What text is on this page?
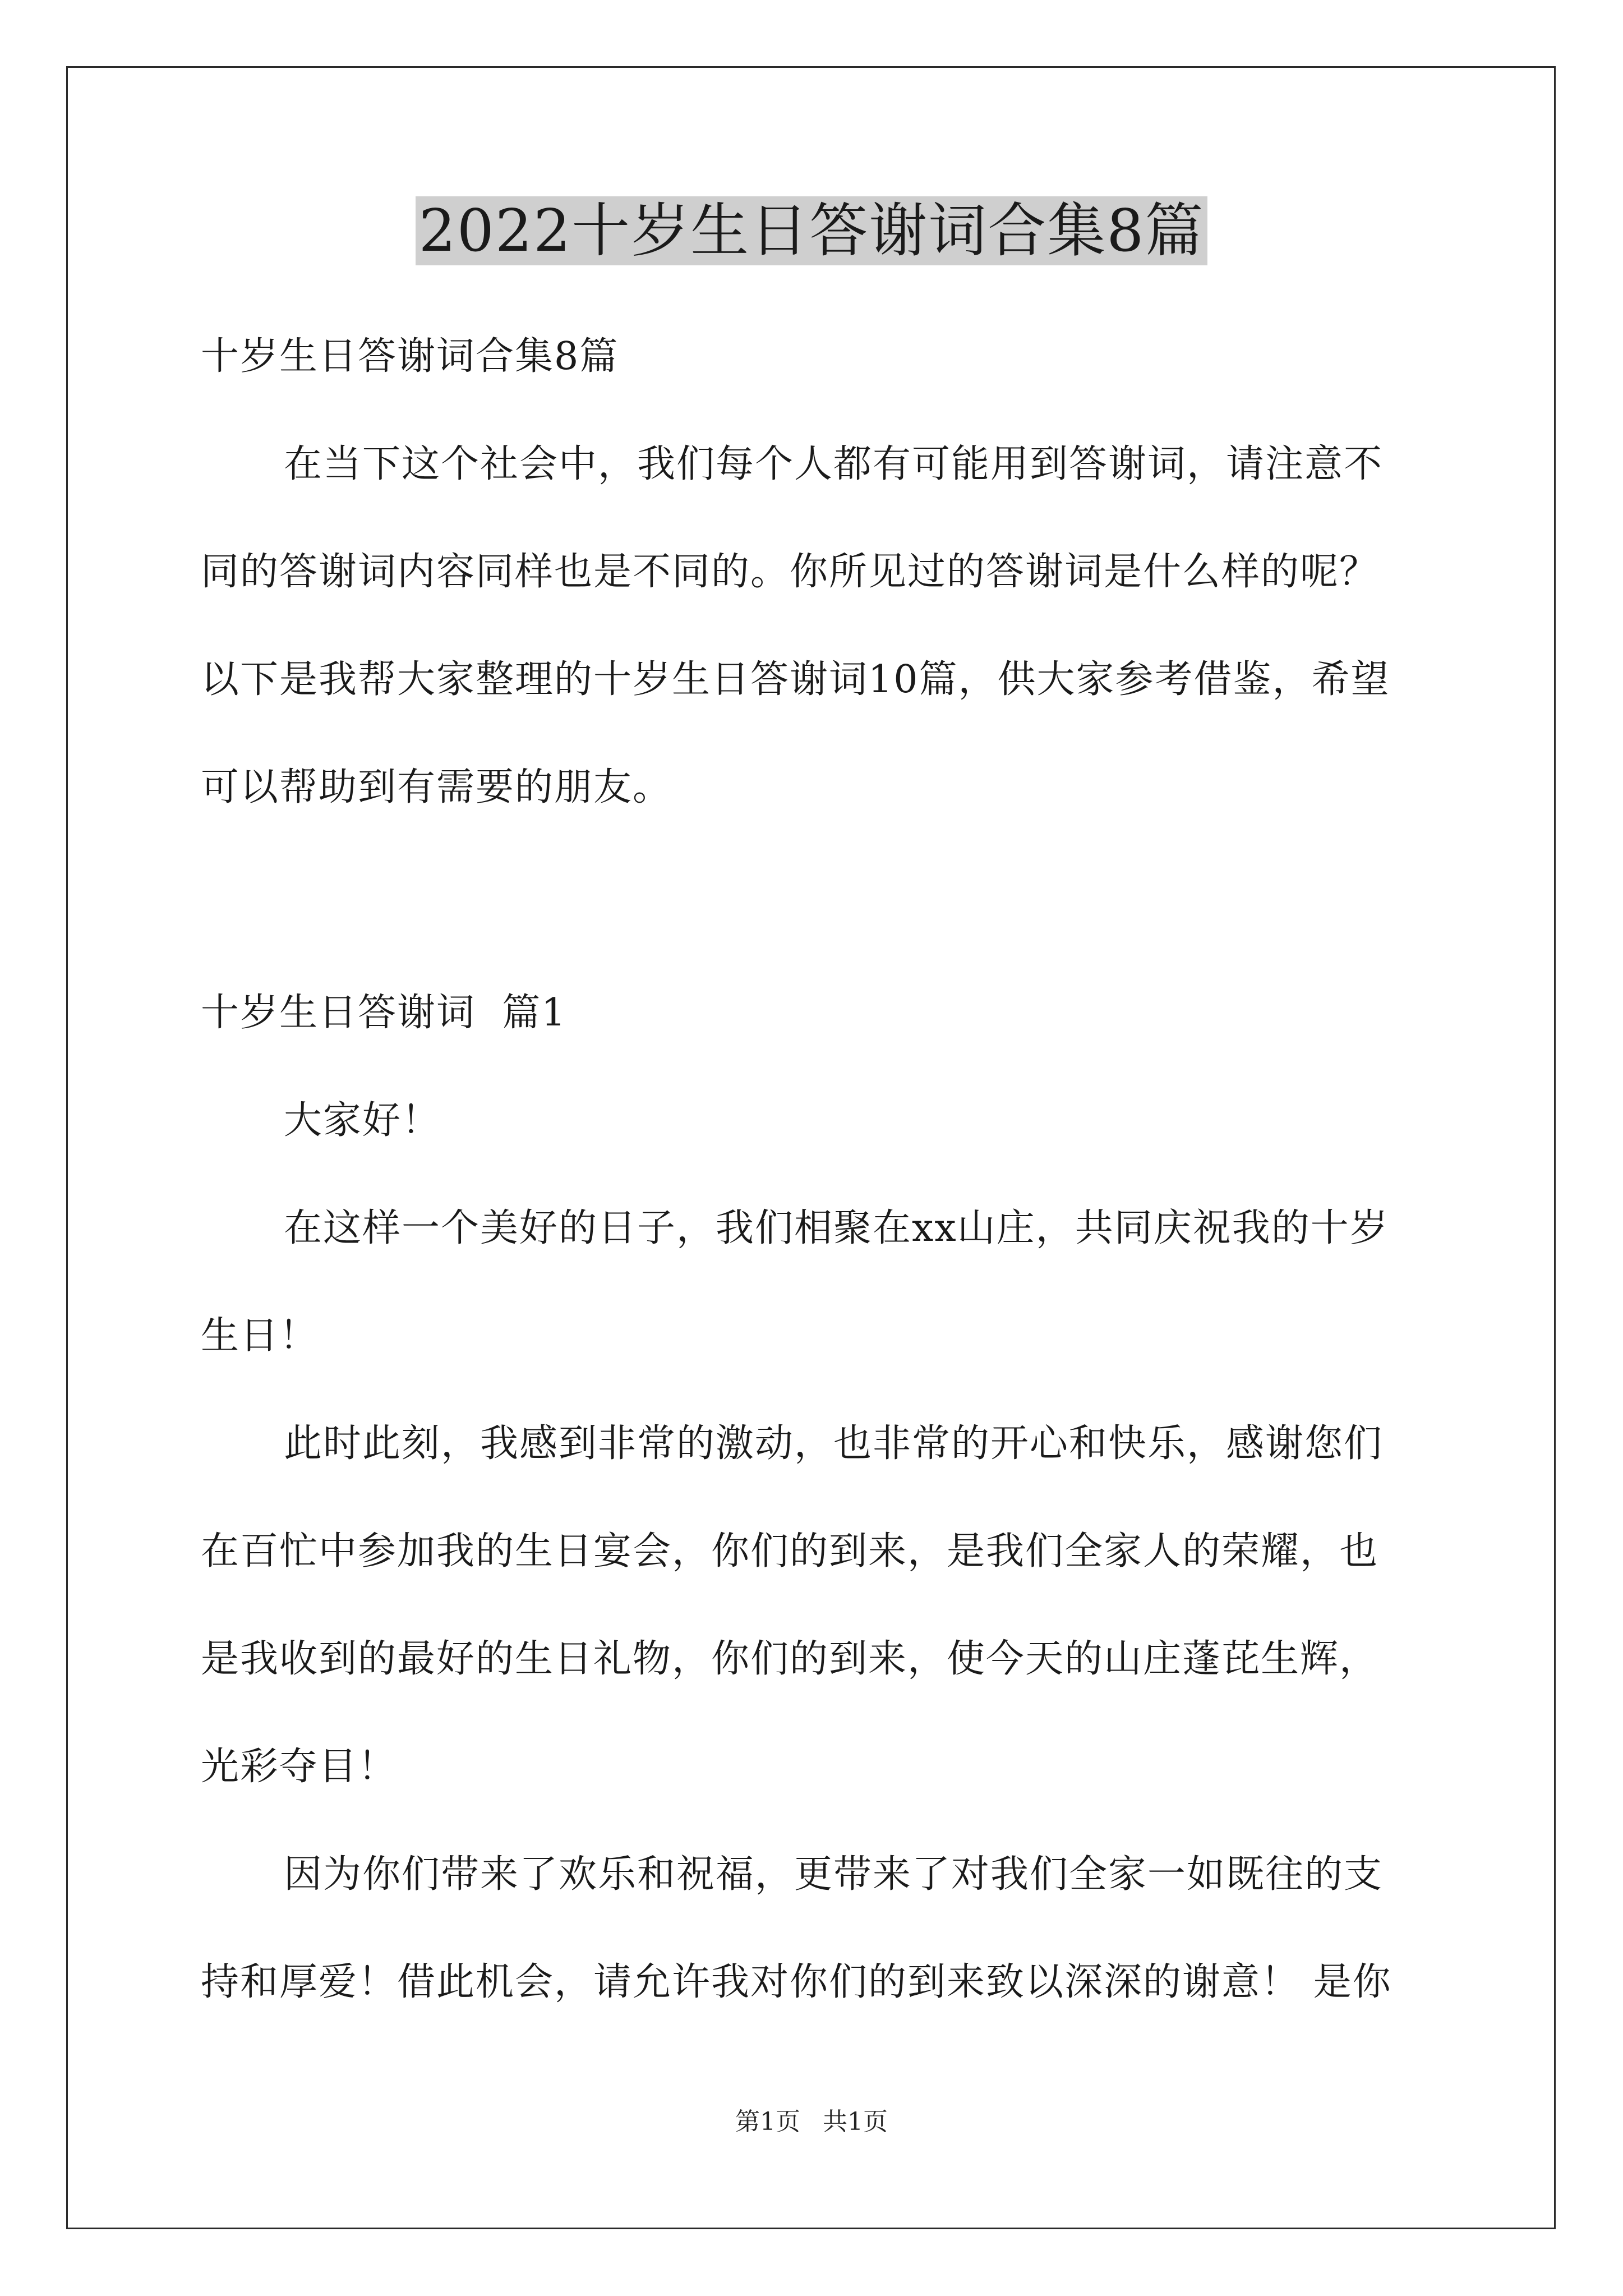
2022十岁生日答谢词合集8篇

十岁生日答谢词合集8篇

在当下这个社会中，我们每个人都有可能用到答谢词，请注意不

同的答谢词内容同样也是不同的。你所见过的答谢词是什么样的呢？

以下是我帮大家整理的十岁生日答谢词10篇，供大家参考借鉴，希望

可以帮助到有需要的朋友。

十岁生日答谢词  篇1

大家好！

在这样一个美好的日子，我们相聚在xx山庄，共同庆祝我的十岁

生日！

此时此刻，我感到非常的激动，也非常的开心和快乐，感谢您们

在百忙中参加我的生日宴会，你们的到来，是我们全家人的荣耀，也

是我收到的最好的生日礼物，你们的到来，使今天的山庄蓬芘生辉，

光彩夺目！

因为你们带来了欢乐和祝福，更带来了对我们全家一如既往的支

持和厚爱！借此机会，请允许我对你们的到来致以深深的谢意！ 是你

第1页 共1页
